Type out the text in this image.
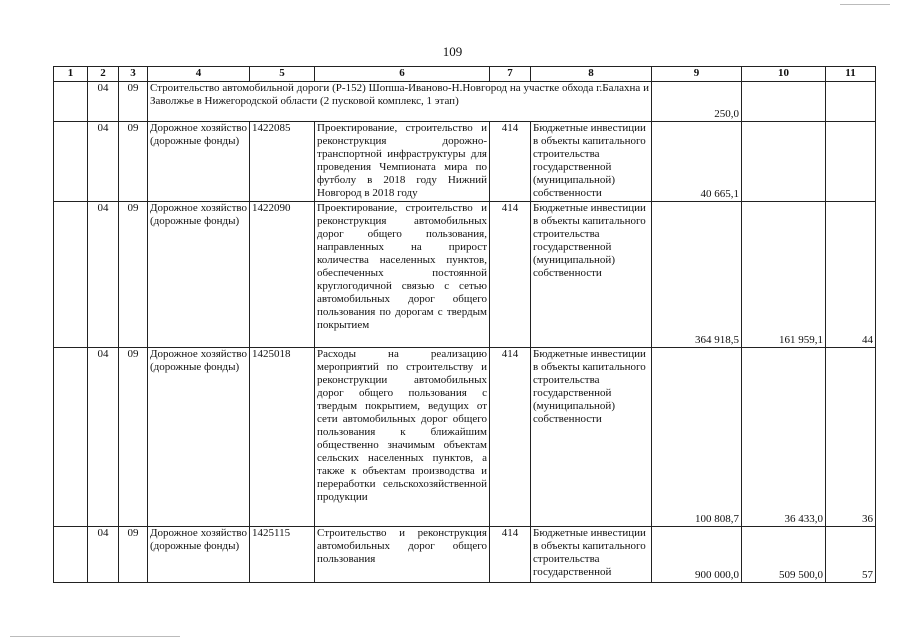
109
1	2	3	4	5	6	7	8	9	10	11
	04	09	Строительство автомобильной дороги (Р-152) Шопша-Иваново-Н.Новгород на участке обхода г.Балахна и Заволжье в Нижегородской области (2 пусковой комплекс, 1 этап)					250,0		
	04	09	Дорожное хозяйство (дорожные фонды)	1422085	Проектирование, строительство и реконструкция дорожно-транспортной инфраструктуры для проведения Чемпионата мира по футболу в 2018 году Нижний Новгород в 2018 году	414	Бюджетные инвестиции в объекты капитального строительства государственной (муниципальной) собственности	40 665,1		
	04	09	Дорожное хозяйство (дорожные фонды)	1422090	Проектирование, строительство и реконструкция автомобильных дорог общего пользования, направленных на прирост количества населенных пунктов, обеспеченных постоянной круглогодичной связью с сетью автомобильных дорог общего пользования по дорогам с твердым покрытием	414	Бюджетные инвестиции в объекты капитального строительства государственной (муниципальной) собственности	364 918,5	161 959,1	44
	04	09	Дорожное хозяйство (дорожные фонды)	1425018	Расходы на реализацию мероприятий по строительству и реконструкции автомобильных дорог общего пользования с твердым покрытием, ведущих от сети автомобильных дорог общего пользования к ближайшим общественно значимым объектам сельских населенных пунктов, а также к объектам производства и переработки сельскохозяйственной продукции	414	Бюджетные инвестиции в объекты капитального строительства государственной (муниципальной) собственности	100 808,7	36 433,0	36
	04	09	Дорожное хозяйство (дорожные фонды)	1425115	Строительство и реконструкция автомобильных дорог общего пользования	414	Бюджетные инвестиции в объекты капитального строительства государственной	900 000,0	509 500,0	57
